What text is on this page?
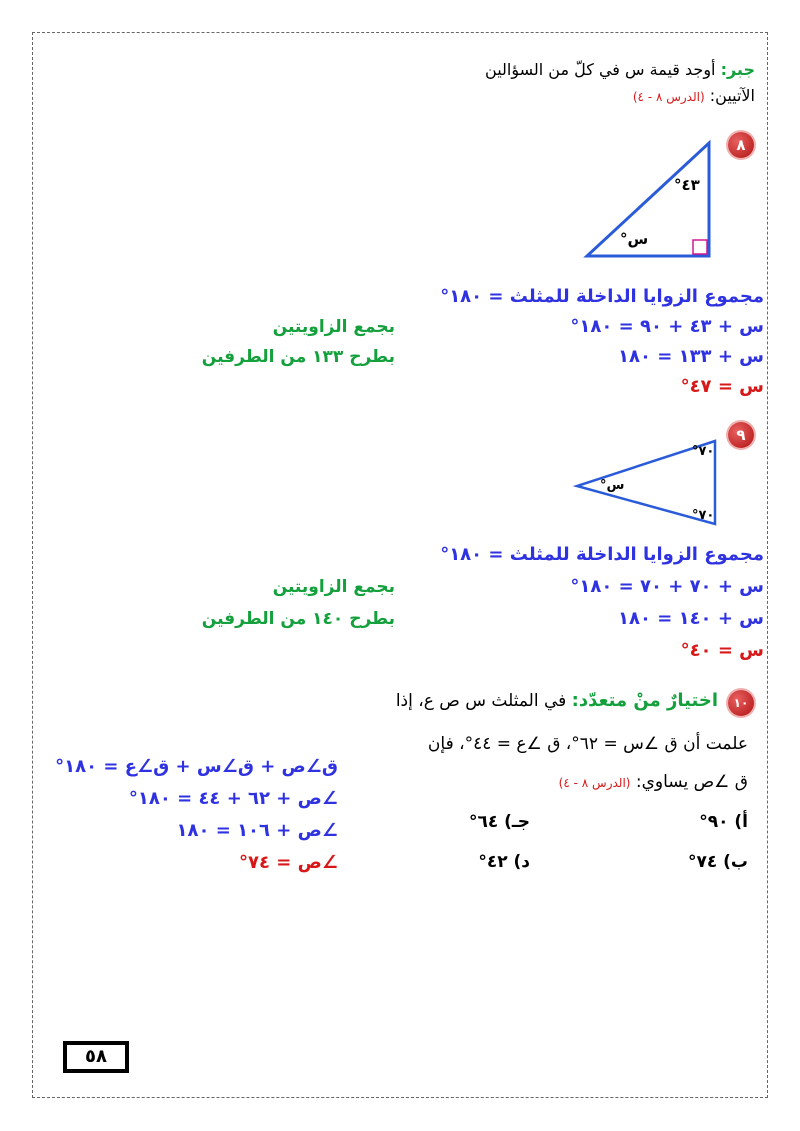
جبر: أوجد قيمة س في كلّ من السؤالين
الآتيين: (الدرس ٨ - ٤)
٨
٤٣°
س°
مجموع الزوايا الداخلة للمثلث = ١٨٠°
س + ٤٣ + ٩٠ = ١٨٠°
س + ١٣٣ = ١٨٠
س = ٤٧°
بجمع الزاويتين
بطرح ١٣٣ من الطرفين
٩
٧٠°
س°
٧٠°
مجموع الزوايا الداخلة للمثلث = ١٨٠°
س + ٧٠ + ٧٠ = ١٨٠°
س + ١٤٠ = ١٨٠
س = ٤٠°
بجمع الزاويتين
بطرح ١٤٠ من الطرفين
١٠
اختيارٌ منْ متعدّد: في المثلث س ص ع، إذا
علمت أن ق ∠س = ٦٢°، ق ∠ع = ٤٤°، فإن
ق ∠ص يساوي: (الدرس ٨ - ٤)
أ) ٩٠°
جـ) ٦٤°
ب) ٧٤°
د) ٤٢°
ق∠ص + ق∠س + ق∠ع = ١٨٠°
∠ص + ٦٢ + ٤٤ = ١٨٠°
∠ص + ١٠٦ = ١٨٠
∠ص = ٧٤°
٥٨
